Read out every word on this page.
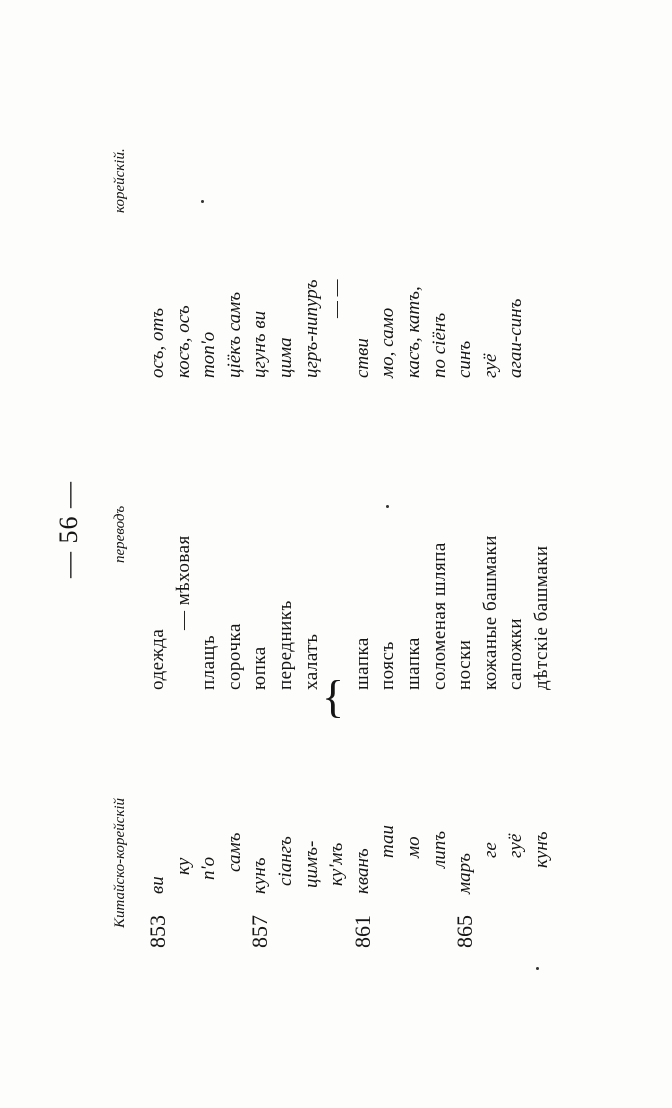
— 56 —
Китайско-корейскій
переводъ
корейскій.
853
ви
одежда
осъ, отъ
ку
— мѣховая
косъ, осъ
п'о
плащъ
топ'о
самъ
сорочка
цiёкъ самъ
857
кунъ
юпка
цгунъ ви
сiангъ
передникъ
цима
цимъ-
халатъ
цгръ-нипуръ
ку'мъ
— —
861
кванъ
шапка
стви
таи
поясъ
мо, само
мо
шапка
касъ, катъ,
липъ
соломеная шляпа
по сiёнъ
865
маръ
носки
синъ
ге
кожаные башмаки
гуё
гуё
сапожки
агаи-синъ
кунъ
дѣтскiе башмаки
{
